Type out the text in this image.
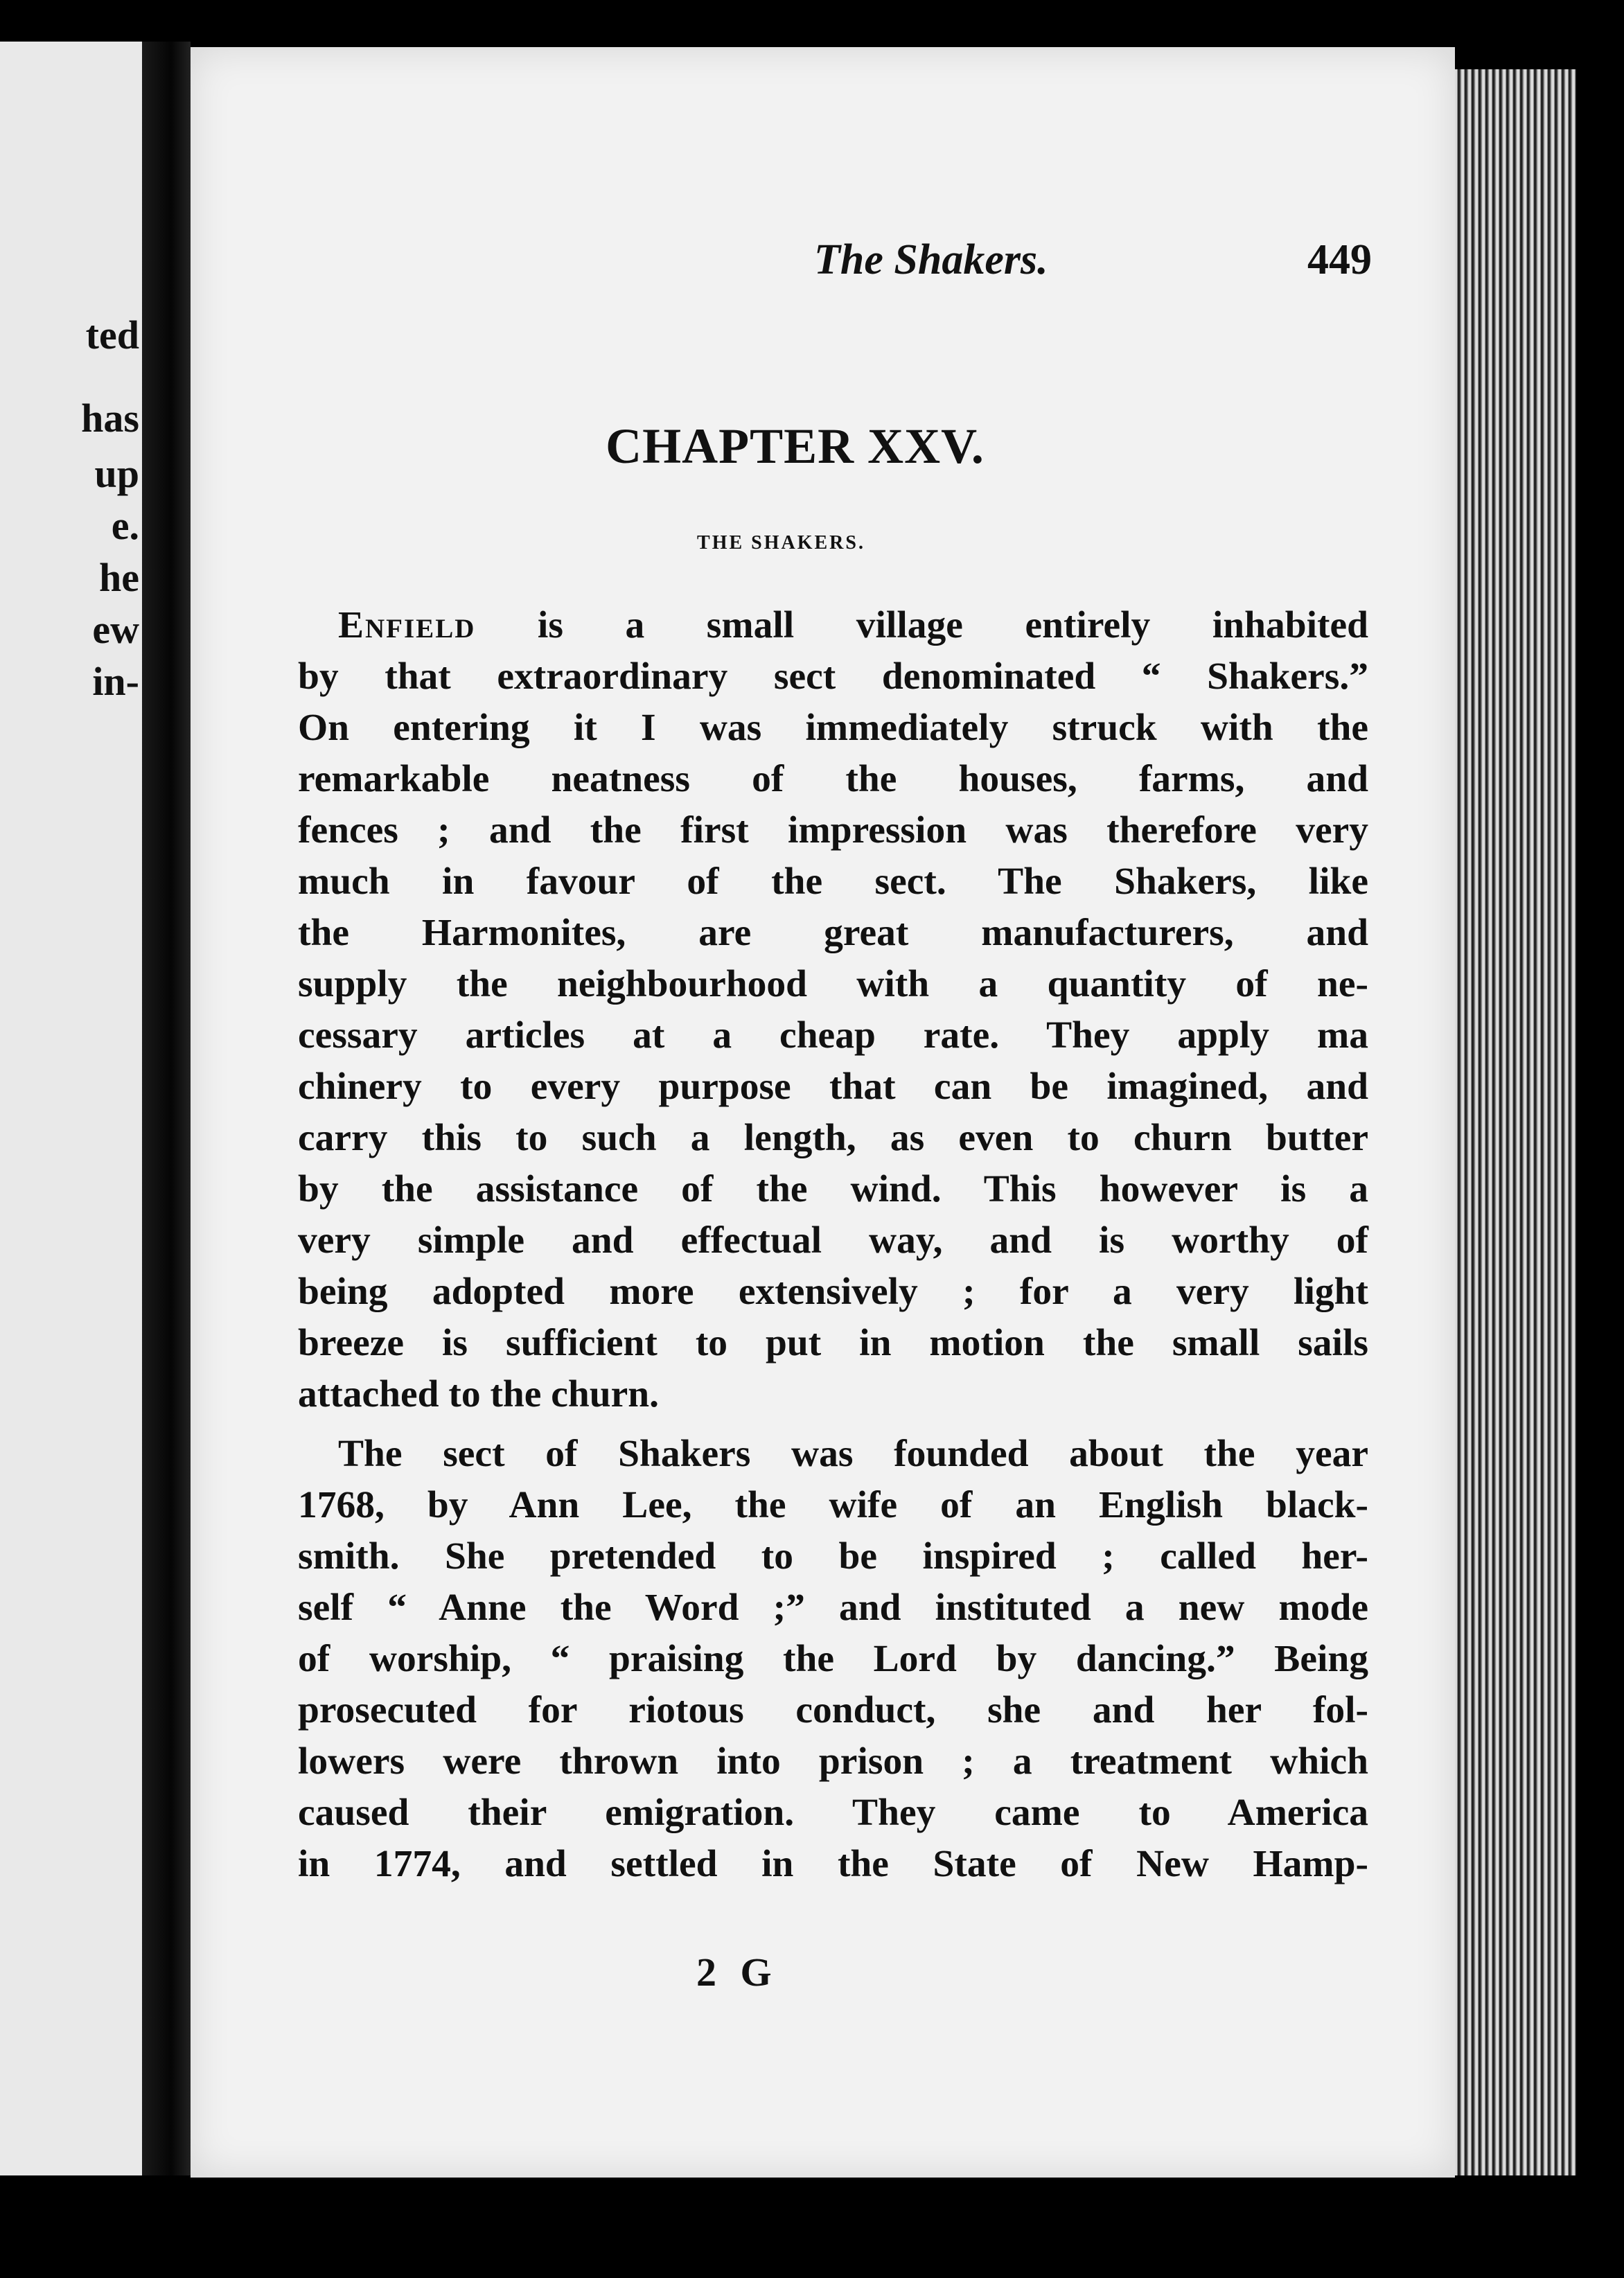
ted
has
up
e.
he
ew
in-
The Shakers.	449
CHAPTER XXV.
THE SHAKERS.

Enfield is a small village entirely inhabited
by that extraordinary sect denominated “ Shakers.”
On entering it I was immediately struck with the
remarkable neatness of the houses, farms, and
fences ; and the first impression was therefore very
much in favour of the sect. The Shakers, like
the Harmonites, are great manufacturers, and
supply the neighbourhood with a quantity of ne-
cessary articles at a cheap rate. They apply ma
chinery to every purpose that can be imagined, and
carry this to such a length, as even to churn butter
by the assistance of the wind. This however is a
very simple and effectual way, and is worthy of
being adopted more extensively ; for a very light
breeze is sufficient to put in motion the small sails
attached to the churn.

The sect of Shakers was founded about the year
1768, by Ann Lee, the wife of an English black-
smith. She pretended to be inspired ; called her-
self “ Anne the Word ;” and instituted a new mode
of worship, “ praising the Lord by dancing.” Being
prosecuted for riotous conduct, she and her fol-
lowers were thrown into prison ; a treatment which
caused their emigration. They came to America
in 1774, and settled in the State of New Hamp-

2 G
